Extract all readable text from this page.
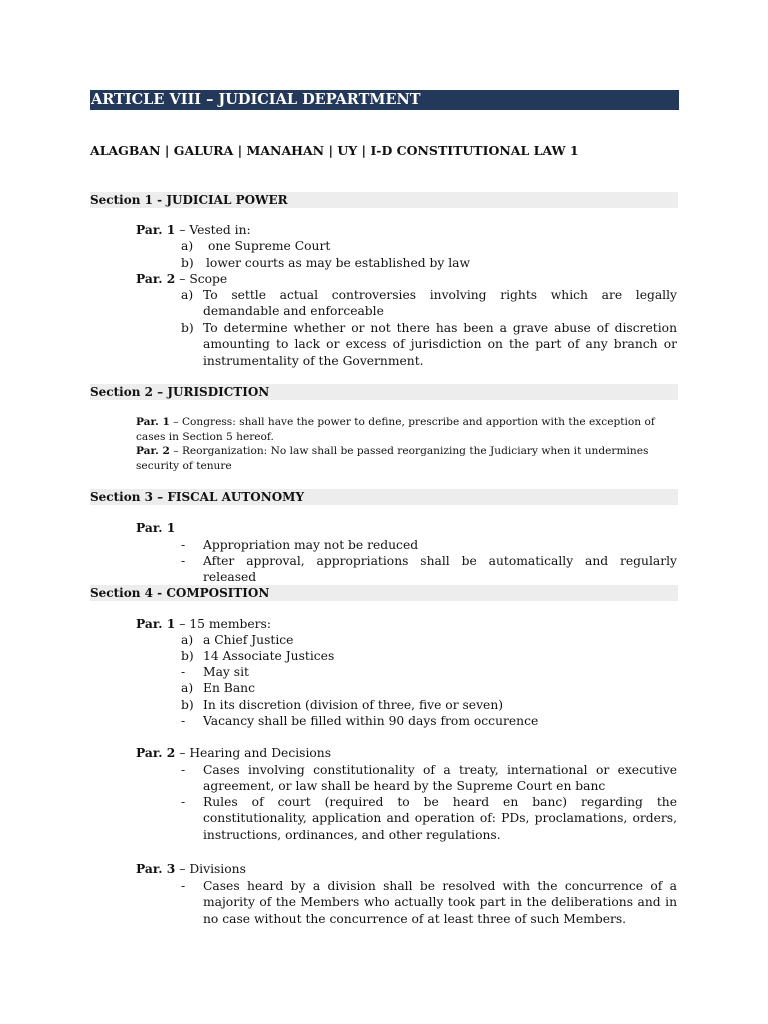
ARTICLE VIII – JUDICIAL DEPARTMENT
ALAGBAN | GALURA | MANAHAN | UY | I-D CONSTITUTIONAL LAW 1
Section 1 - JUDICIAL POWER
Par. 1 – Vested in:
a)	one Supreme Court
b)	lower courts as may be established by law
Par. 2 – Scope
a) To settle actual controversies involving rights which are legally demandable and enforceable
b) To determine whether or not there has been a grave abuse of discretion amounting to lack or excess of jurisdiction on the part of any branch or instrumentality of the Government.
Section 2 – JURISDICTION
Par. 1 – Congress: shall have the power to define, prescribe and apportion with the exception of cases in Section 5 hereof.
Par. 2 – Reorganization: No law shall be passed reorganizing the Judiciary when it undermines security of tenure
Section 3 – FISCAL AUTONOMY
Par. 1
-	Appropriation may not be reduced
-	After approval, appropriations shall be automatically and regularly released
Section 4 - COMPOSITION
Par. 1 – 15 members:
a) a Chief Justice
b) 14 Associate Justices
-	May sit
a) En Banc
b) In its discretion (division of three, five or seven)
-	Vacancy shall be filled within 90 days from occurence
Par. 2 – Hearing and Decisions
-	Cases involving constitutionality of a treaty, international or executive agreement, or law shall be heard by the Supreme Court en banc
-	Rules of court (required to be heard en banc) regarding the constitutionality, application and operation of: PDs, proclamations, orders, instructions, ordinances, and other regulations.
Par. 3 – Divisions
-	Cases heard by a division shall be resolved with the concurrence of a majority of the Members who actually took part in the deliberations and in no case without the concurrence of at least three of such Members.
